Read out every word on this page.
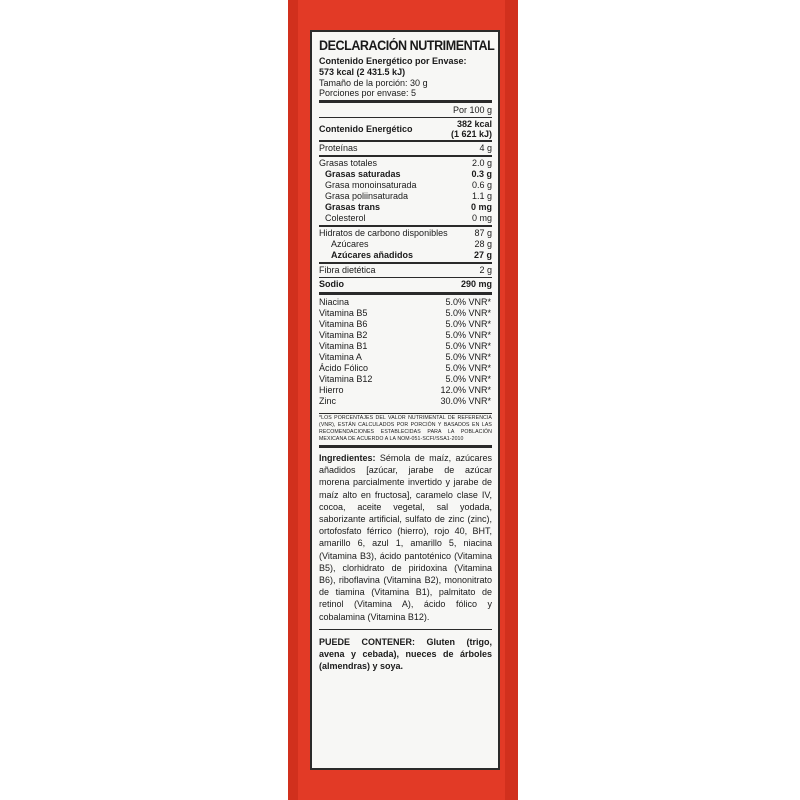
DECLARACIÓN NUTRIMENTAL
Contenido Energético por Envase:
573 kcal (2 431.5 kJ)
Tamaño de la porción: 30 g
Porciones por envase: 5
Por 100 g
Contenido Energético	382 kcal
(1 621 kJ)
Proteínas	4 g
Grasas totales	2.0 g
Grasas saturadas	0.3 g
Grasa monoinsaturada	0.6 g
Grasa poliinsaturada	1.1 g
Grasas trans	0 mg
Colesterol	0 mg
Hidratos de carbono disponibles	87 g
Azúcares	28 g
Azúcares añadidos	27 g
Fibra dietética	2 g
Sodio	290 mg
Niacina	5.0% VNR*
Vitamina B5	5.0% VNR*
Vitamina B6	5.0% VNR*
Vitamina B2	5.0% VNR*
Vitamina B1	5.0% VNR*
Vitamina A	5.0% VNR*
Ácido Fólico	5.0% VNR*
Vitamina B12	5.0% VNR*
Hierro	12.0% VNR*
Zinc	30.0% VNR*
*LOS PORCENTAJES DEL VALOR NUTRIMENTAL DE REFERENCIA (VNR), ESTÁN CALCULADOS POR PORCIÓN Y BASADOS EN LAS RECOMENDACIONES ESTABLECIDAS PARA LA POBLACIÓN MEXICANA DE ACUERDO A LA NOM-051-SCFI/SSA1-2010
Ingredientes: Sémola de maíz, azúcares añadidos [azúcar, jarabe de azúcar morena parcialmente invertido y jarabe de maíz alto en fructosa], caramelo clase IV, cocoa, aceite vegetal, sal yodada, saborizante artificial, sulfato de zinc (zinc), ortofosfato férrico (hierro), rojo 40, BHT, amarillo 6, azul 1, amarillo 5, niacina (Vitamina B3), ácido pantoténico (Vitamina B5), clorhidrato de piridoxina (Vitamina B6), riboflavina (Vitamina B2), mononitrato de tiamina (Vitamina B1), palmitato de retinol (Vitamina A), ácido fólico y cobalamina (Vitamina B12).
PUEDE CONTENER: Gluten (trigo, avena y cebada), nueces de árboles (almendras) y soya.
